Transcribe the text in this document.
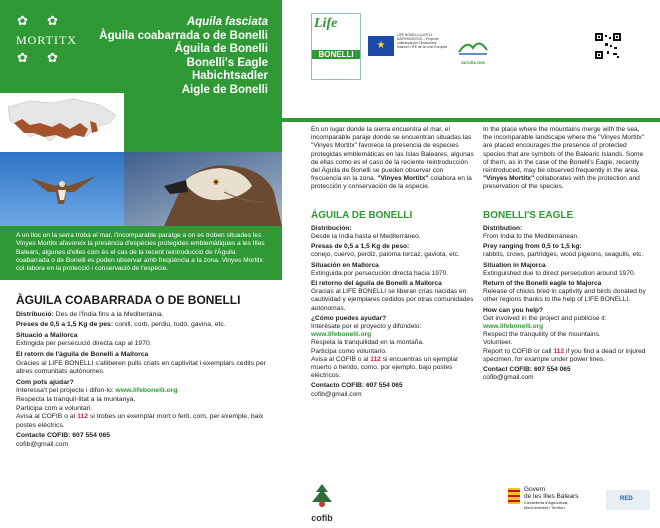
✿ ✿
MORTITX
✿ ✿
Aquila fasciata
Àguila coabarrada o de Bonelli
Águila de Bonelli
Bonelli's Eagle
Habichtsadler
Aigle de Bonelli
A un lloc on la serra troba el mar, l'incomparable paratge a on es troben situades les Vinyes Mortitx afavoreix la presència d'espècies protegides emblemàtiques a les Illes Balears, algunes d'elles com és el cas de la recent reintroducció de l'Àguila coabarrada o de Bonelli es poden observar amb freqüència a la zona. Vinyes Mortitx col·labora en la protecció i conservació de l'espècie.
ÀGUILA COABARRADA O DE BONELLI
Distribució: Des de l'Índia fins a la Mediterrània.
Preses de 0,5 a 1,5 Kg de pes: conill, corb, perdiu, tudó, gavina, etc.
Situació a Mallorca
Extingida per persecució directa cap al 1970.
El retorn de l'àguila de Bonelli a Mallorca
Gràcies al LIFE BONELLI s'alliberen pulls criats en captivitat i exemplars cedits per altres comunitats autònomes.
Com pots ajudar?
Interessa't pel projecte i difon-lo: www.lifebonelli.org
Respecta la tranquil·litat a la muntanya.
Participa com a voluntari.
Avisa al COFIB o al 112 si trobes un exemplar mort o ferit, com, per exemple, baix postes elèctrics.
Contacte COFIB: 607 554 065
cofib@gmail.com
Life
BONELLI
★
LIFE BONELLI (LIFE12 NAT/ES/000701) – Projecte cofinançat per l'instrument financer LIFE de la Unió Europea
NATURA 2000
En un lugar donde la sierra encuentra el mar, el incomparable paraje donde se encuentran situadas las "Vinyes Mortitx" favorece la presencia de especies protegidas emblemáticas en las Islas Baleares, algunas de ellas como es el caso de la reciente reintroducción del Águila de Bonelli se pueden observar con frecuencia en la zona. "Vinyes Mortitx" colabora en la protección y conservación de la especie.
ÁGUILA DE BONELLI

Distribución:
Desde la India hasta el Mediterráneo.

Presas de 0,5 a 1,5 Kg de peso:
conejo, cuervo, perdiz, paloma torcaz, gaviota, etc.

Situación en Mallorca
Extinguida por persecución directa hacia 1970.

El retorno del águila de Bonelli a Mallorca
Gracias al LIFE BONELLI se liberan crías nacidas en cautividad y ejemplares cedidos por otras comunidades autónomas.

¿Cómo puedes ayudar?
Interésate por el proyecto y difúndelo:
www.lifebonelli.org
Respeta la tranquilidad en la montaña.
Participa como voluntario.
Avisa al COFIB o al 112 si encuentras un ejemplar muerto o herido, como, por ejemplo, bajo postes eléctricos.

Contacto COFIB: 607 554 065
cofib@gmail.com

In the place where the mountains merge with the sea, the incomparable landscape where the "Vinyes Mortitx" are placed encourages the presence of protected species that are symbols of the Balearic Islands. Some of them, as in the case of the Bonelli's Eagle, recently reintroduced, may be observed frequently in the area. "Vinyes Mortitx" collaborates with the protection and preservation of the species.
BONELLI'S EAGLE

Distribution:
From India to the Mediterranean.

Prey ranging from 0,5 to 1,5 kg:
rabbits, crows, partridges, wood pigeons, seagulls, etc.

Situation in Majorca
Extinguished due to direct persecution around 1970.

Return of the Bonelli eagle to Majorca
Release of chicks bred in captivity and birds donated by other regions thanks to the help of LIFE BONELLI.

How can you help?
Get involved in the project and publicise it:
www.lifebonelli.org
Respect the tranquility of the mountains.
Volunteer.
Report to COFIB or call 112 if you find a dead or injured specimen, for example under power lines.

Contact COFIB: 607 554 065
cofib@gmail.com

cofib
Govern
de les Illes Balears
Conselleria d'Agricultura,
Medi Ambient i Territori
RED
